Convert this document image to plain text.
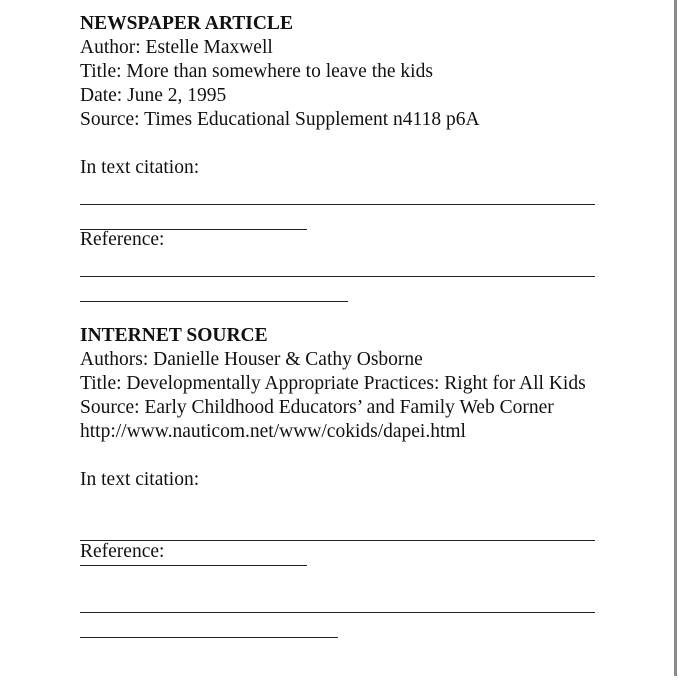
NEWSPAPER ARTICLE

Author: Estelle Maxwell

Title: More than somewhere to leave the kids

Date: June 2, 1995

Source: Times Educational Supplement n4118 p6A

In text citation:

Reference:

INTERNET SOURCE

Authors: Danielle Houser & Cathy Osborne

Title: Developmentally Appropriate Practices: Right for All Kids

Source: Early Childhood Educators’ and Family Web Corner

http://www.nauticom.net/www/cokids/dapei.html

In text citation:

Reference:
